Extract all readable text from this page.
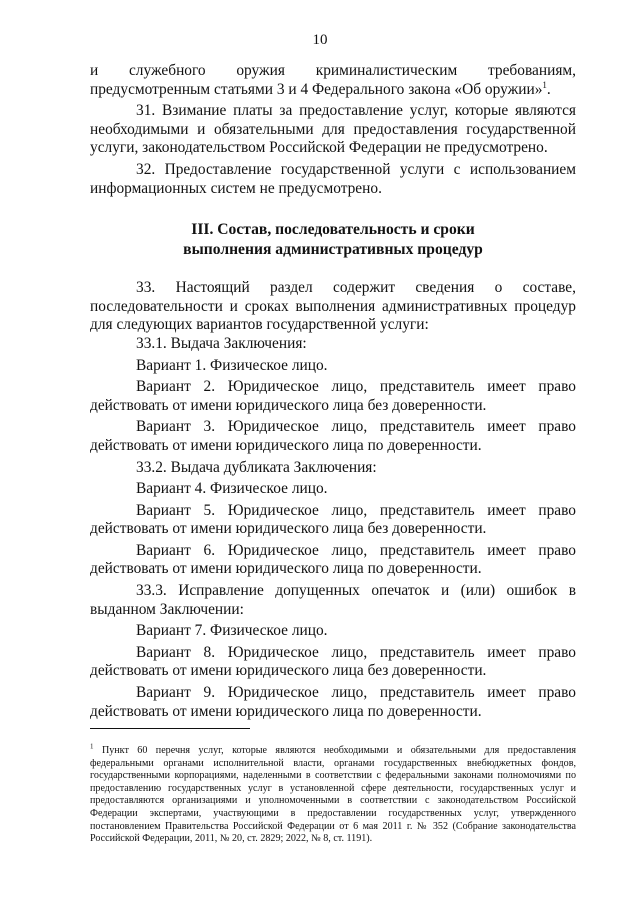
10

и служебного оружия криминалистическим требованиям,

предусмотренным статьями 3 и 4 Федерального закона «Об оружии»$^1$.

31. Взимание платы за предоставление услуг, которые являются необходимыми и обязательными для предоставления государственной услуги, законодательством Российской Федерации не предусмотрено.

32. Предоставление государственной услуги с использованием информационных систем не предусмотрено.

III. Состав, последовательность и сроки
выполнения административных процедур

33. Настоящий раздел содержит сведения о составе, последовательности и сроках выполнения административных процедур для следующих вариантов государственной услуги:

33.1. Выдача Заключения:

Вариант 1. Физическое лицо.

Вариант 2. Юридическое лицо, представитель имеет право действовать от имени юридического лица без доверенности.

Вариант 3. Юридическое лицо, представитель имеет право действовать от имени юридического лица по доверенности.

33.2. Выдача дубликата Заключения:

Вариант 4. Физическое лицо.

Вариант 5. Юридическое лицо, представитель имеет право действовать от имени юридического лица без доверенности.

Вариант 6. Юридическое лицо, представитель имеет право действовать от имени юридического лица по доверенности.

33.3. Исправление допущенных опечаток и (или) ошибок в выданном Заключении:

Вариант 7. Физическое лицо.

Вариант 8. Юридическое лицо, представитель имеет право действовать от имени юридического лица без доверенности.

Вариант 9. Юридическое лицо, представитель имеет право действовать от имени юридического лица по доверенности.

$^1$ Пункт 60 перечня услуг, которые являются необходимыми и обязательными для предоставления федеральными органами исполнительной власти, органами государственных внебюджетных фондов, государственными корпорациями, наделенными в соответствии с федеральными законами полномочиями по предоставлению государственных услуг в установленной сфере деятельности, государственных услуг и предоставляются организациями и уполномоченными в соответствии с законодательством Российской Федерации экспертами, участвующими в предоставлении государственных услуг, утвержденного постановлением Правительства Российской Федерации от 6 мая 2011 г. № 352 (Собрание законодательства Российской Федерации, 2011, № 20, ст. 2829; 2022, № 8, ст. 1191).
